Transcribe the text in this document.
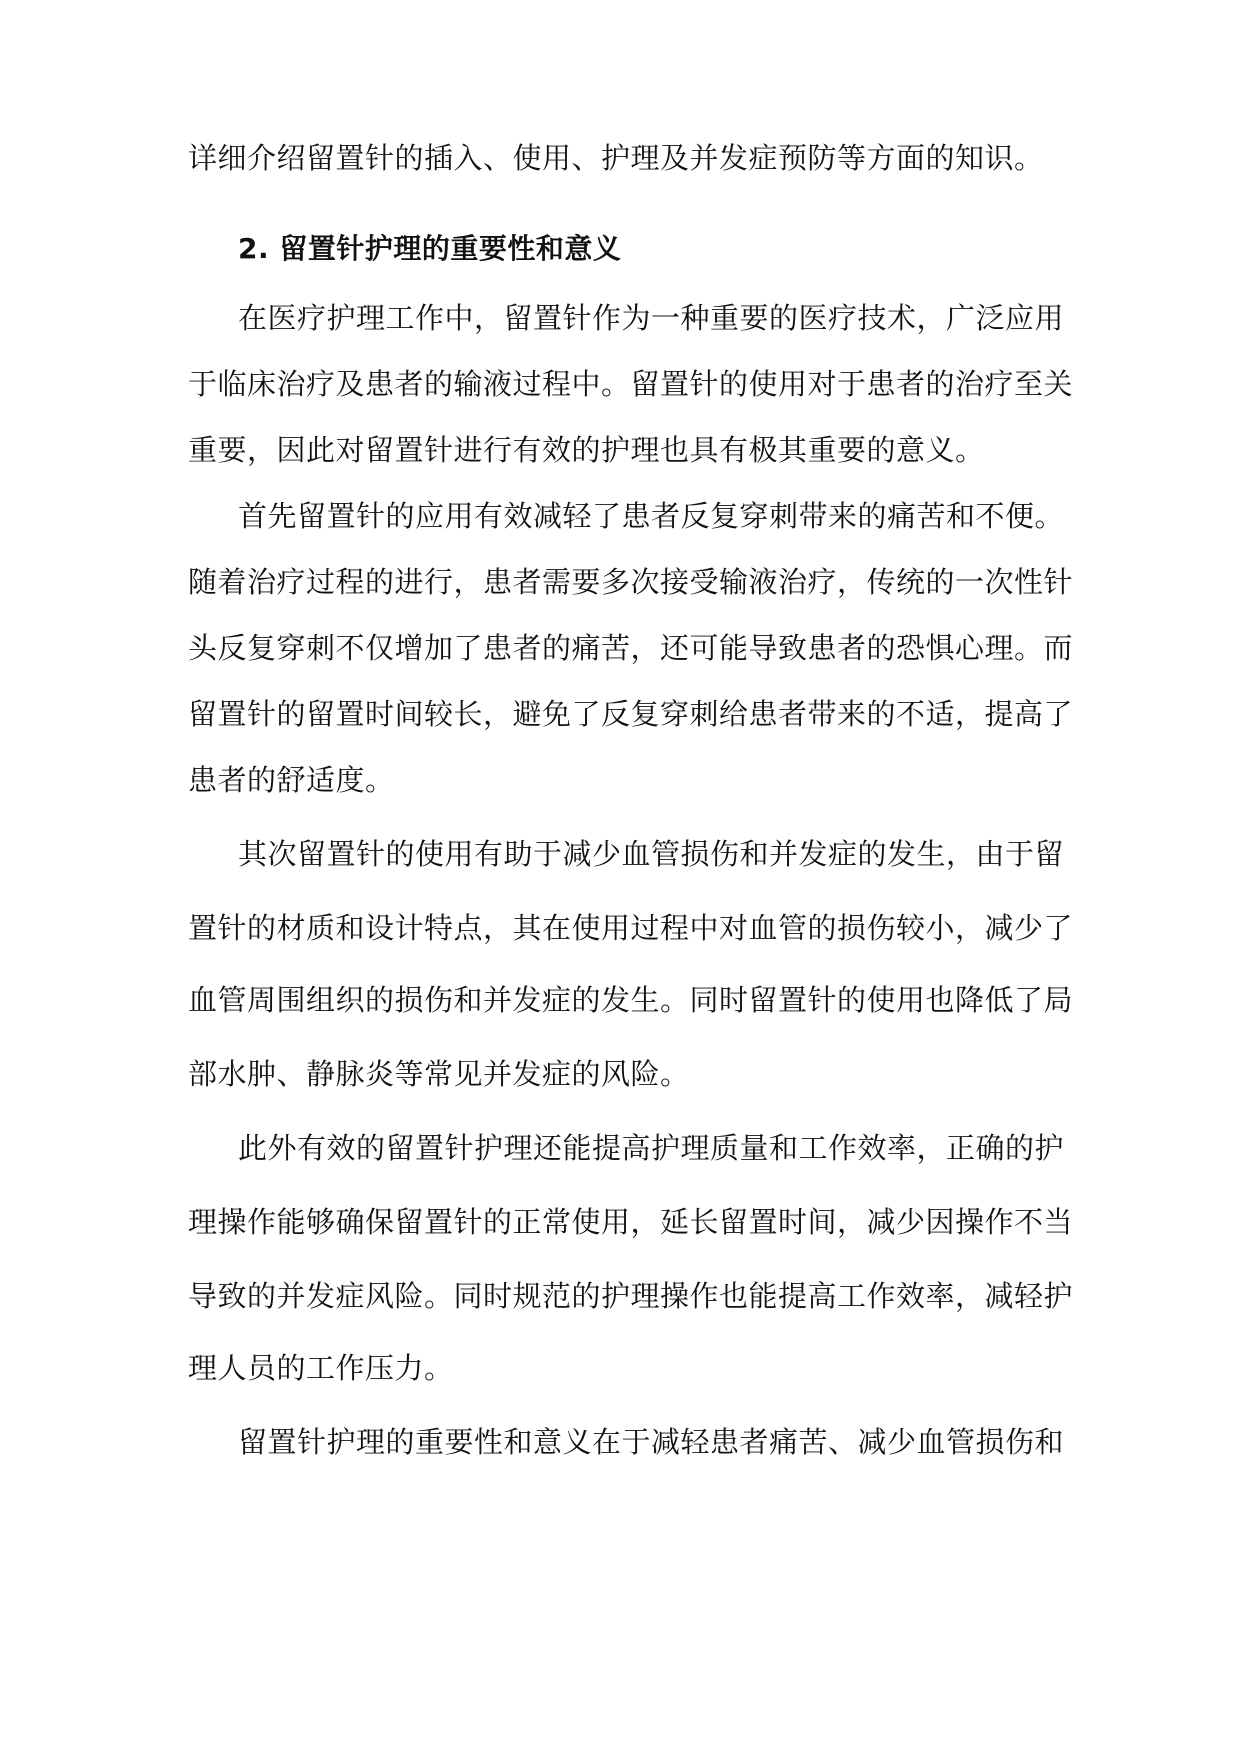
详细介绍留置针的插入、使用、护理及并发症预防等方面的知识。
2. 留置针护理的重要性和意义
在医疗护理工作中，留置针作为一种重要的医疗技术，广泛应用
于临床治疗及患者的输液过程中。留置针的使用对于患者的治疗至关
重要，因此对留置针进行有效的护理也具有极其重要的意义。
首先留置针的应用有效减轻了患者反复穿刺带来的痛苦和不便。
随着治疗过程的进行，患者需要多次接受输液治疗，传统的一次性针
头反复穿刺不仅增加了患者的痛苦，还可能导致患者的恐惧心理。而
留置针的留置时间较长，避免了反复穿刺给患者带来的不适，提高了
患者的舒适度。
其次留置针的使用有助于减少血管损伤和并发症的发生，由于留
置针的材质和设计特点，其在使用过程中对血管的损伤较小，减少了
血管周围组织的损伤和并发症的发生。同时留置针的使用也降低了局
部水肿、静脉炎等常见并发症的风险。
此外有效的留置针护理还能提高护理质量和工作效率，正确的护
理操作能够确保留置针的正常使用，延长留置时间，减少因操作不当
导致的并发症风险。同时规范的护理操作也能提高工作效率，减轻护
理人员的工作压力。
留置针护理的重要性和意义在于减轻患者痛苦、减少血管损伤和
